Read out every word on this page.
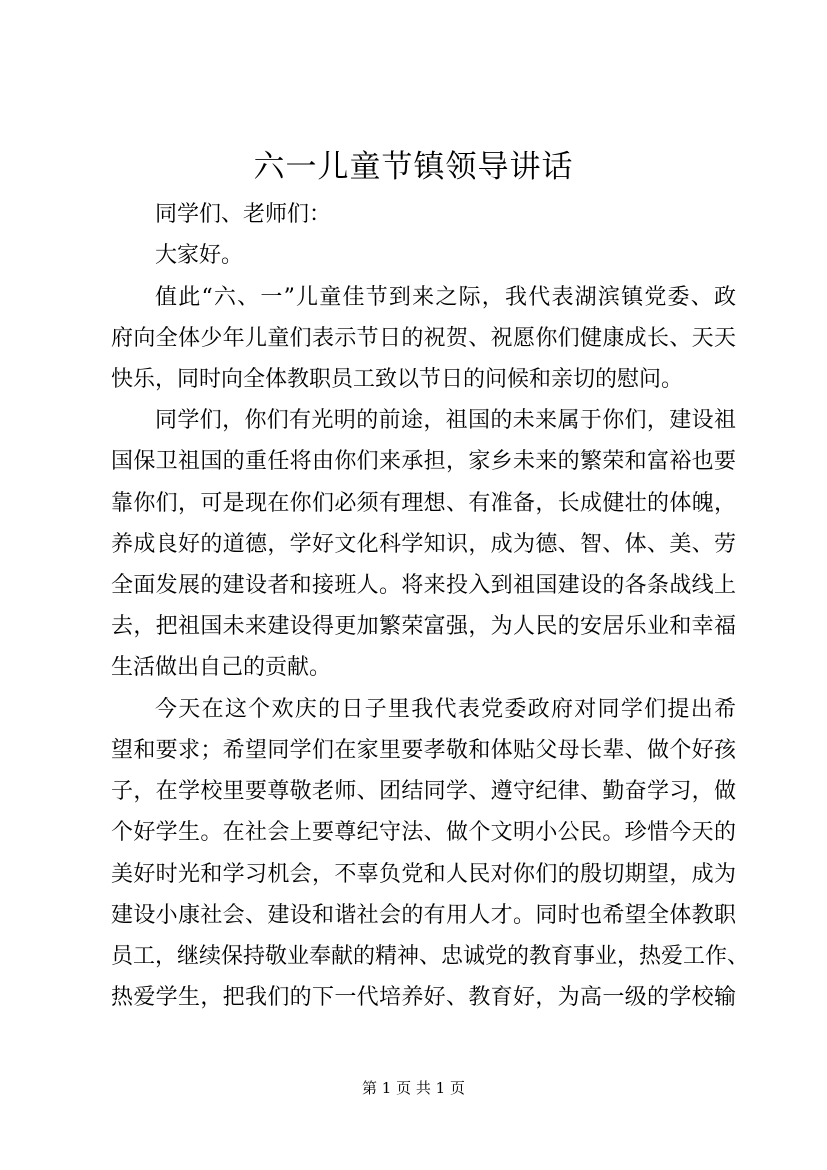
六一儿童节镇领导讲话
同学们、老师们：
大家好。
值此“六、一”儿童佳节到来之际，我代表湖滨镇党委、政
府向全体少年儿童们表示节日的祝贺、祝愿你们健康成长、天天
快乐，同时向全体教职员工致以节日的问候和亲切的慰问。
同学们，你们有光明的前途，祖国的未来属于你们，建设祖
国保卫祖国的重任将由你们来承担，家乡未来的繁荣和富裕也要
靠你们，可是现在你们必须有理想、有准备，长成健壮的体魄，
养成良好的道德，学好文化科学知识，成为德、智、体、美、劳
全面发展的建设者和接班人。将来投入到祖国建设的各条战线上
去，把祖国未来建设得更加繁荣富强，为人民的安居乐业和幸福
生活做出自己的贡献。
今天在这个欢庆的日子里我代表党委政府对同学们提出希
望和要求；希望同学们在家里要孝敬和体贴父母长辈、做个好孩
子，在学校里要尊敬老师、团结同学、遵守纪律、勤奋学习，做
个好学生。在社会上要尊纪守法、做个文明小公民。珍惜今天的
美好时光和学习机会，不辜负党和人民对你们的殷切期望，成为
建设小康社会、建设和谐社会的有用人才。同时也希望全体教职
员工，继续保持敬业奉献的精神、忠诚党的教育事业，热爱工作、
热爱学生，把我们的下一代培养好、教育好，为高一级的学校输
第 1 页 共 1 页
